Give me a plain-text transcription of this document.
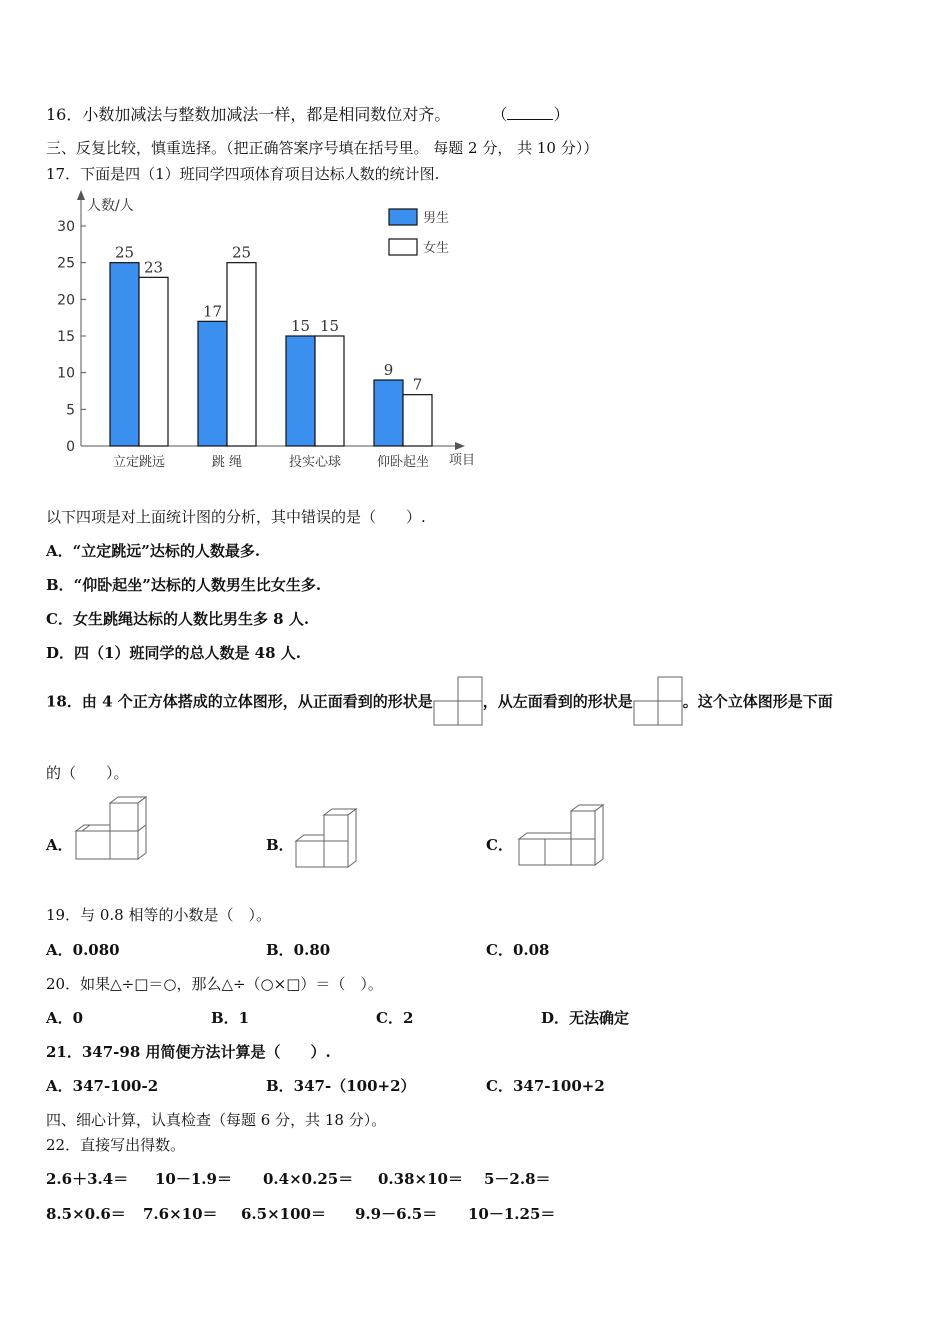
16．小数加减法与整数加减法一样，都是相同数位对齐。	（	）
三、反复比较，慎重选择。（把正确答案序号填在括号里。 每题 2 分， 共 10 分））
17．下面是四（1）班同学四项体育项目达标人数的统计图.
0
5
10
15
20
25
30
人数/人
项目
25
23
立定跳远
17
25
跳 绳
15 15
投实心球
9
7
仰卧起坐
男生
女生
以下四项是对上面统计图的分析，其中错误的是（　　）.
A．“立定跳远”达标的人数最多.
B．“仰卧起坐”达标的人数男生比女生多.
C．女生跳绳达标的人数比男生多 8 人.
D．四（1）班同学的总人数是 48 人.
18．由 4 个正方体搭成的立体图形，从正面看到的形状是	，从左面看到的形状是	。这个立体图形是下面
的（　　）。
A．	B．	C．
19．与 0.8 相等的小数是（　）。
A．0.080	B．0.80	C．0.08
20．如果△÷□＝○，那么△÷（○×□）＝（　）。
A．0	B．1	C．2	D．无法确定
21．347-98 用简便方法计算是（　　）.
A．347-100-2	B．347-（100+2）	C．347-100+2
四、细心计算，认真检查（每题 6 分，共 18 分）。
22．直接写出得数。
2.6＋3.4＝ 10－1.9＝ 0.4×0.25＝ 0.38×10＝ 5－2.8＝
8.5×0.6＝ 7.6×10＝ 6.5×100＝ 9.9－6.5＝ 10－1.25＝
